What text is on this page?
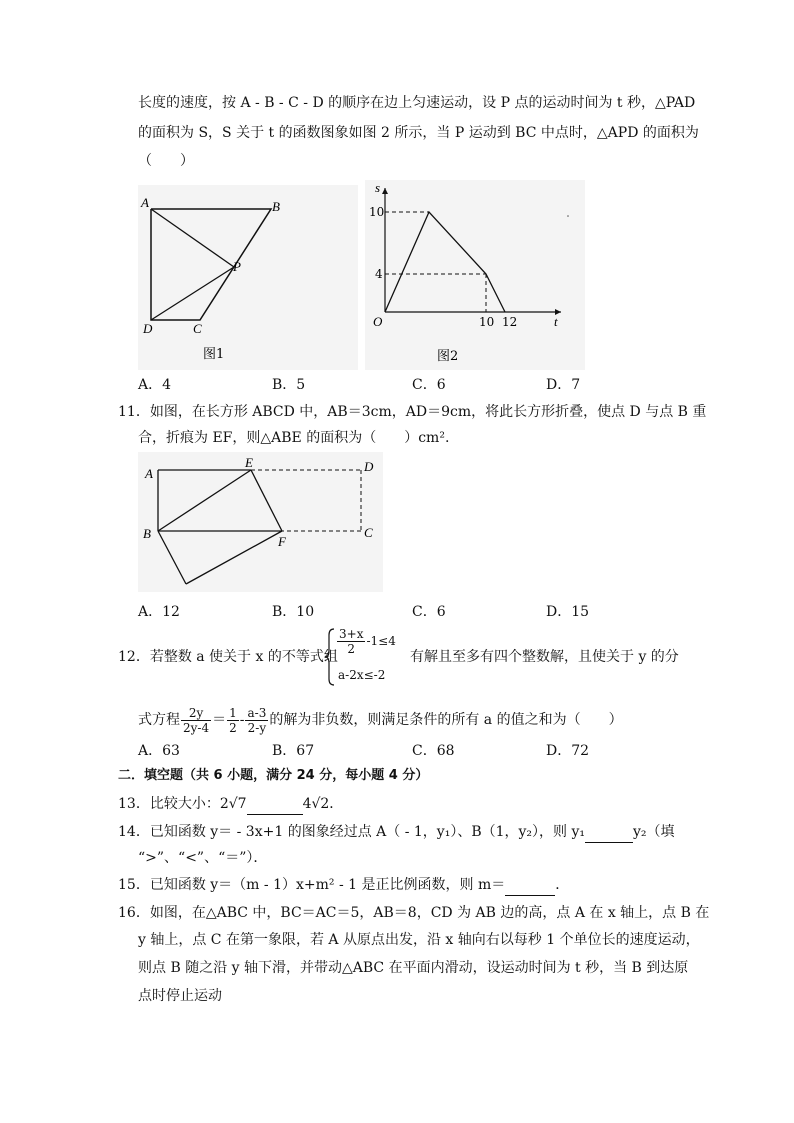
长度的速度，按 A - B - C - D 的顺序在边上匀速运动，设 P 点的运动时间为 t 秒，△PAD
的面积为 S，S 关于 t 的函数图象如图 2 所示，当 P 运动到 BC 中点时，△APD 的面积为
（　　）
A	B
C
D
P
图1
s
10
4
O	10 12	t
图2
A．4	B．5	C．6	D．7
11．如图，在长方形 ABCD 中，AB＝3cm，AD＝9cm，将此长方形折叠，使点 D 与点 B 重
合，折痕为 EF，则△ABE 的面积为（　　）cm².
A
E	D
B
F
C
A．12	B．10	C．6	D．15
12．若整数 a 使关于 x 的不等式组
$\frac{3+x}{2} -1\le 4$
a-2x≤-2
有解且至多有四个整数解，且使关于 y 的分
式方程 $\frac{2y}{2y-4} = \frac{1}{2} - \frac{a-3}{2-y}$ 的解为非负数，则满足条件的所有 a 的值之和为（　　）
A．63	B．67	C．68	D．72
二．填空题（共 6 小题，满分 24 分，每小题 4 分）
13．比较大小：2√7	4√2．
14．已知函数 y＝ - 3x+1 的图象经过点 A（ - 1，y₁）、B（1，y₂），则 y₁	y₂（填
“>”、“<”、“＝”）．
15．已知函数 y＝（m - 1）x+m² - 1 是正比例函数，则 m＝	．
16．如图，在△ABC 中，BC＝AC＝5，AB＝8，CD 为 AB 边的高，点 A 在 x 轴上，点 B 在
y 轴上，点 C 在第一象限，若 A 从原点出发，沿 x 轴向右以每秒 1 个单位长的速度运动，
则点 B 随之沿 y 轴下滑，并带动△ABC 在平面内滑动，设运动时间为 t 秒，当 B 到达原
点时停止运动
